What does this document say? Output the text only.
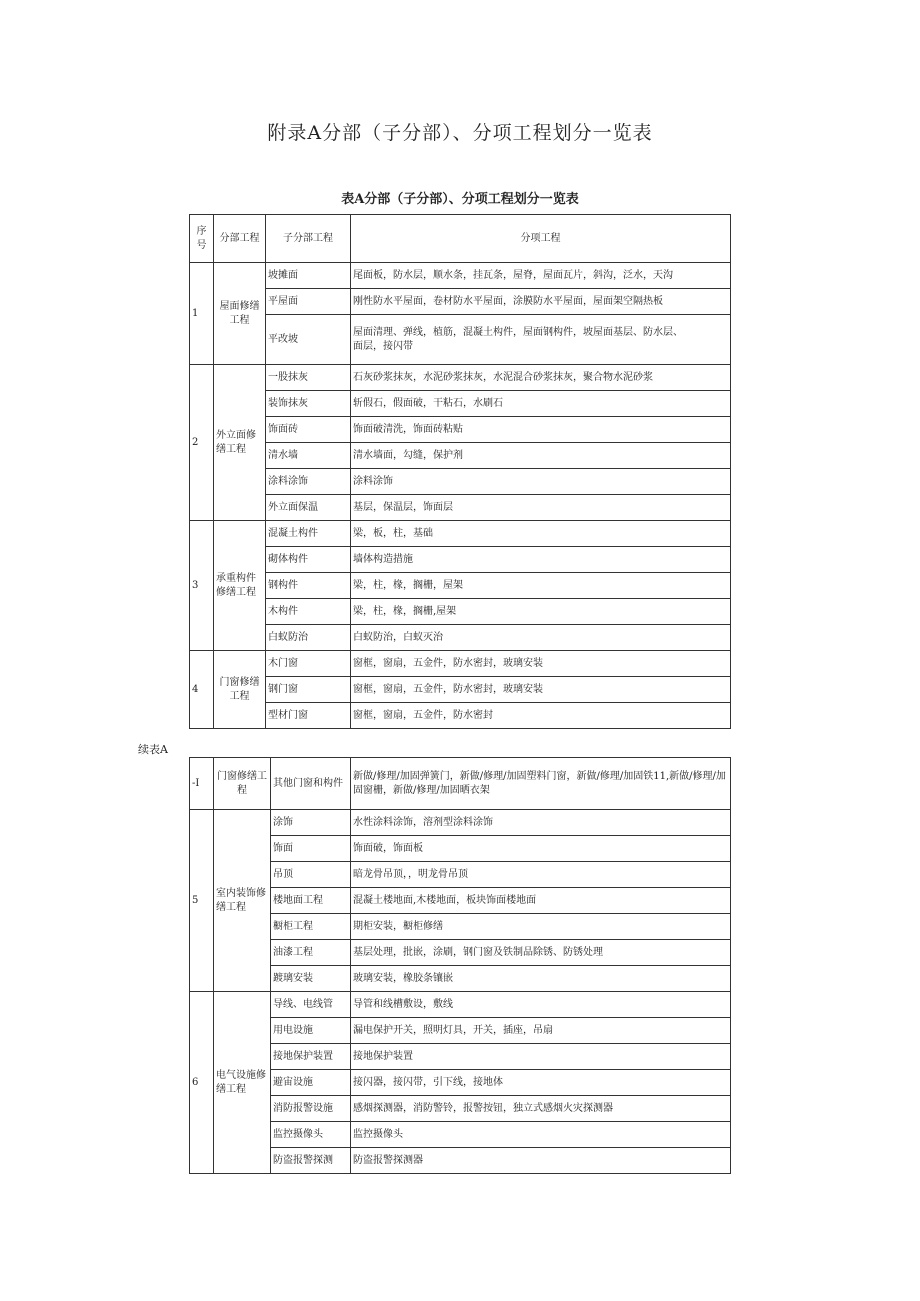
附录A分部（子分部）、分项工程划分一览表
表A分部（子分部）、分项工程划分一览表
序号	分部工程	子分部工程	分项工程
1	屋面修缮工程	坡摊面	尾面板，防水层，顺水条，挂瓦条，屋脊，屋面瓦片，斜沟，泛水，天沟

		平屋面	刚性防水平屋面，卷材防水平屋面，涂膜防水平屋面，屋面架空隔热板

		平改坡	屋面清理、弹线，植筋，混凝土构件，屋面钢构件，坡屋面基层、防水层、
面层，接闪带

2	外立面修缮工程	一股抹灰	石灰砂浆抹灰，水泥砂浆抹灰，水泥混合砂浆抹灰，聚合物水泥砂浆

		装饰抹灰	斩假石，假面破，干粘石，水刷石

		饰面砖	饰面破清洗，饰面砖粘贴

		清水墙	清水墙面，勾缝，保护剂

		涂料涂饰	涂料涂饰

		外立面保温	基层，保温层，饰面层

3	承重构件修缮工程	混凝土构件	梁，板，柱，基础

		砌体构件	墙体构造措施

		钢构件	梁，柱，椽，搁栅，屋架

		木构件	梁，柱，椽，搁栅,屋架

		白蚁防治	白蚁防治，白蚁灭治

4	门窗修缮工程	木门窗	窗框，窗扇，五金件，防水密封，玻璃安装

		钢门窗	窗框，窗扇，五金件，防水密封，玻璃安装

		型材门窗	窗框，窗扇，五金件，防水密封
续表A
-I	门窗修缮工程	其他门窗和构件	新做/修理/加固弹簧门，新做/修理/加固塑料门窗，新做/修理/加固铁11,新做/修理/加固窗栅，新做/修理/加固晒衣架
5	室内装饰修缮工程	涂饰	水性涂料涂饰，溶剂型涂料涂饰
		饰面	饰面破，饰面板
		吊顶	暗龙骨吊顶，，明龙骨吊顶
		楼地面工程	混凝土楼地面,木楼地面，板块饰面楼地面
		橱柜工程	期柜安装，橱柜修缮
		油漆工程	基层处理，批嵌，涂刷，钢门窗及铁制品除锈、防锈处理
		踱璃安装	玻璃安装，橡胶条镶嵌
6	电气设施修缮工程	导线、电线管	导管和线槽敷设，敷线
		用电设施	漏电保护开关，照明灯具，开关，插座，吊扇
		接地保护装置	接地保护装置
		避宙设施	接闪器，接闪带，引下线，接地体
		消防报警设施	感烟探测器，消防警铃，报警按钮，独立式感烟火灾探测器
		监控摄像头	监控摄像头
		防盗报警探测	防盗报警探测器
